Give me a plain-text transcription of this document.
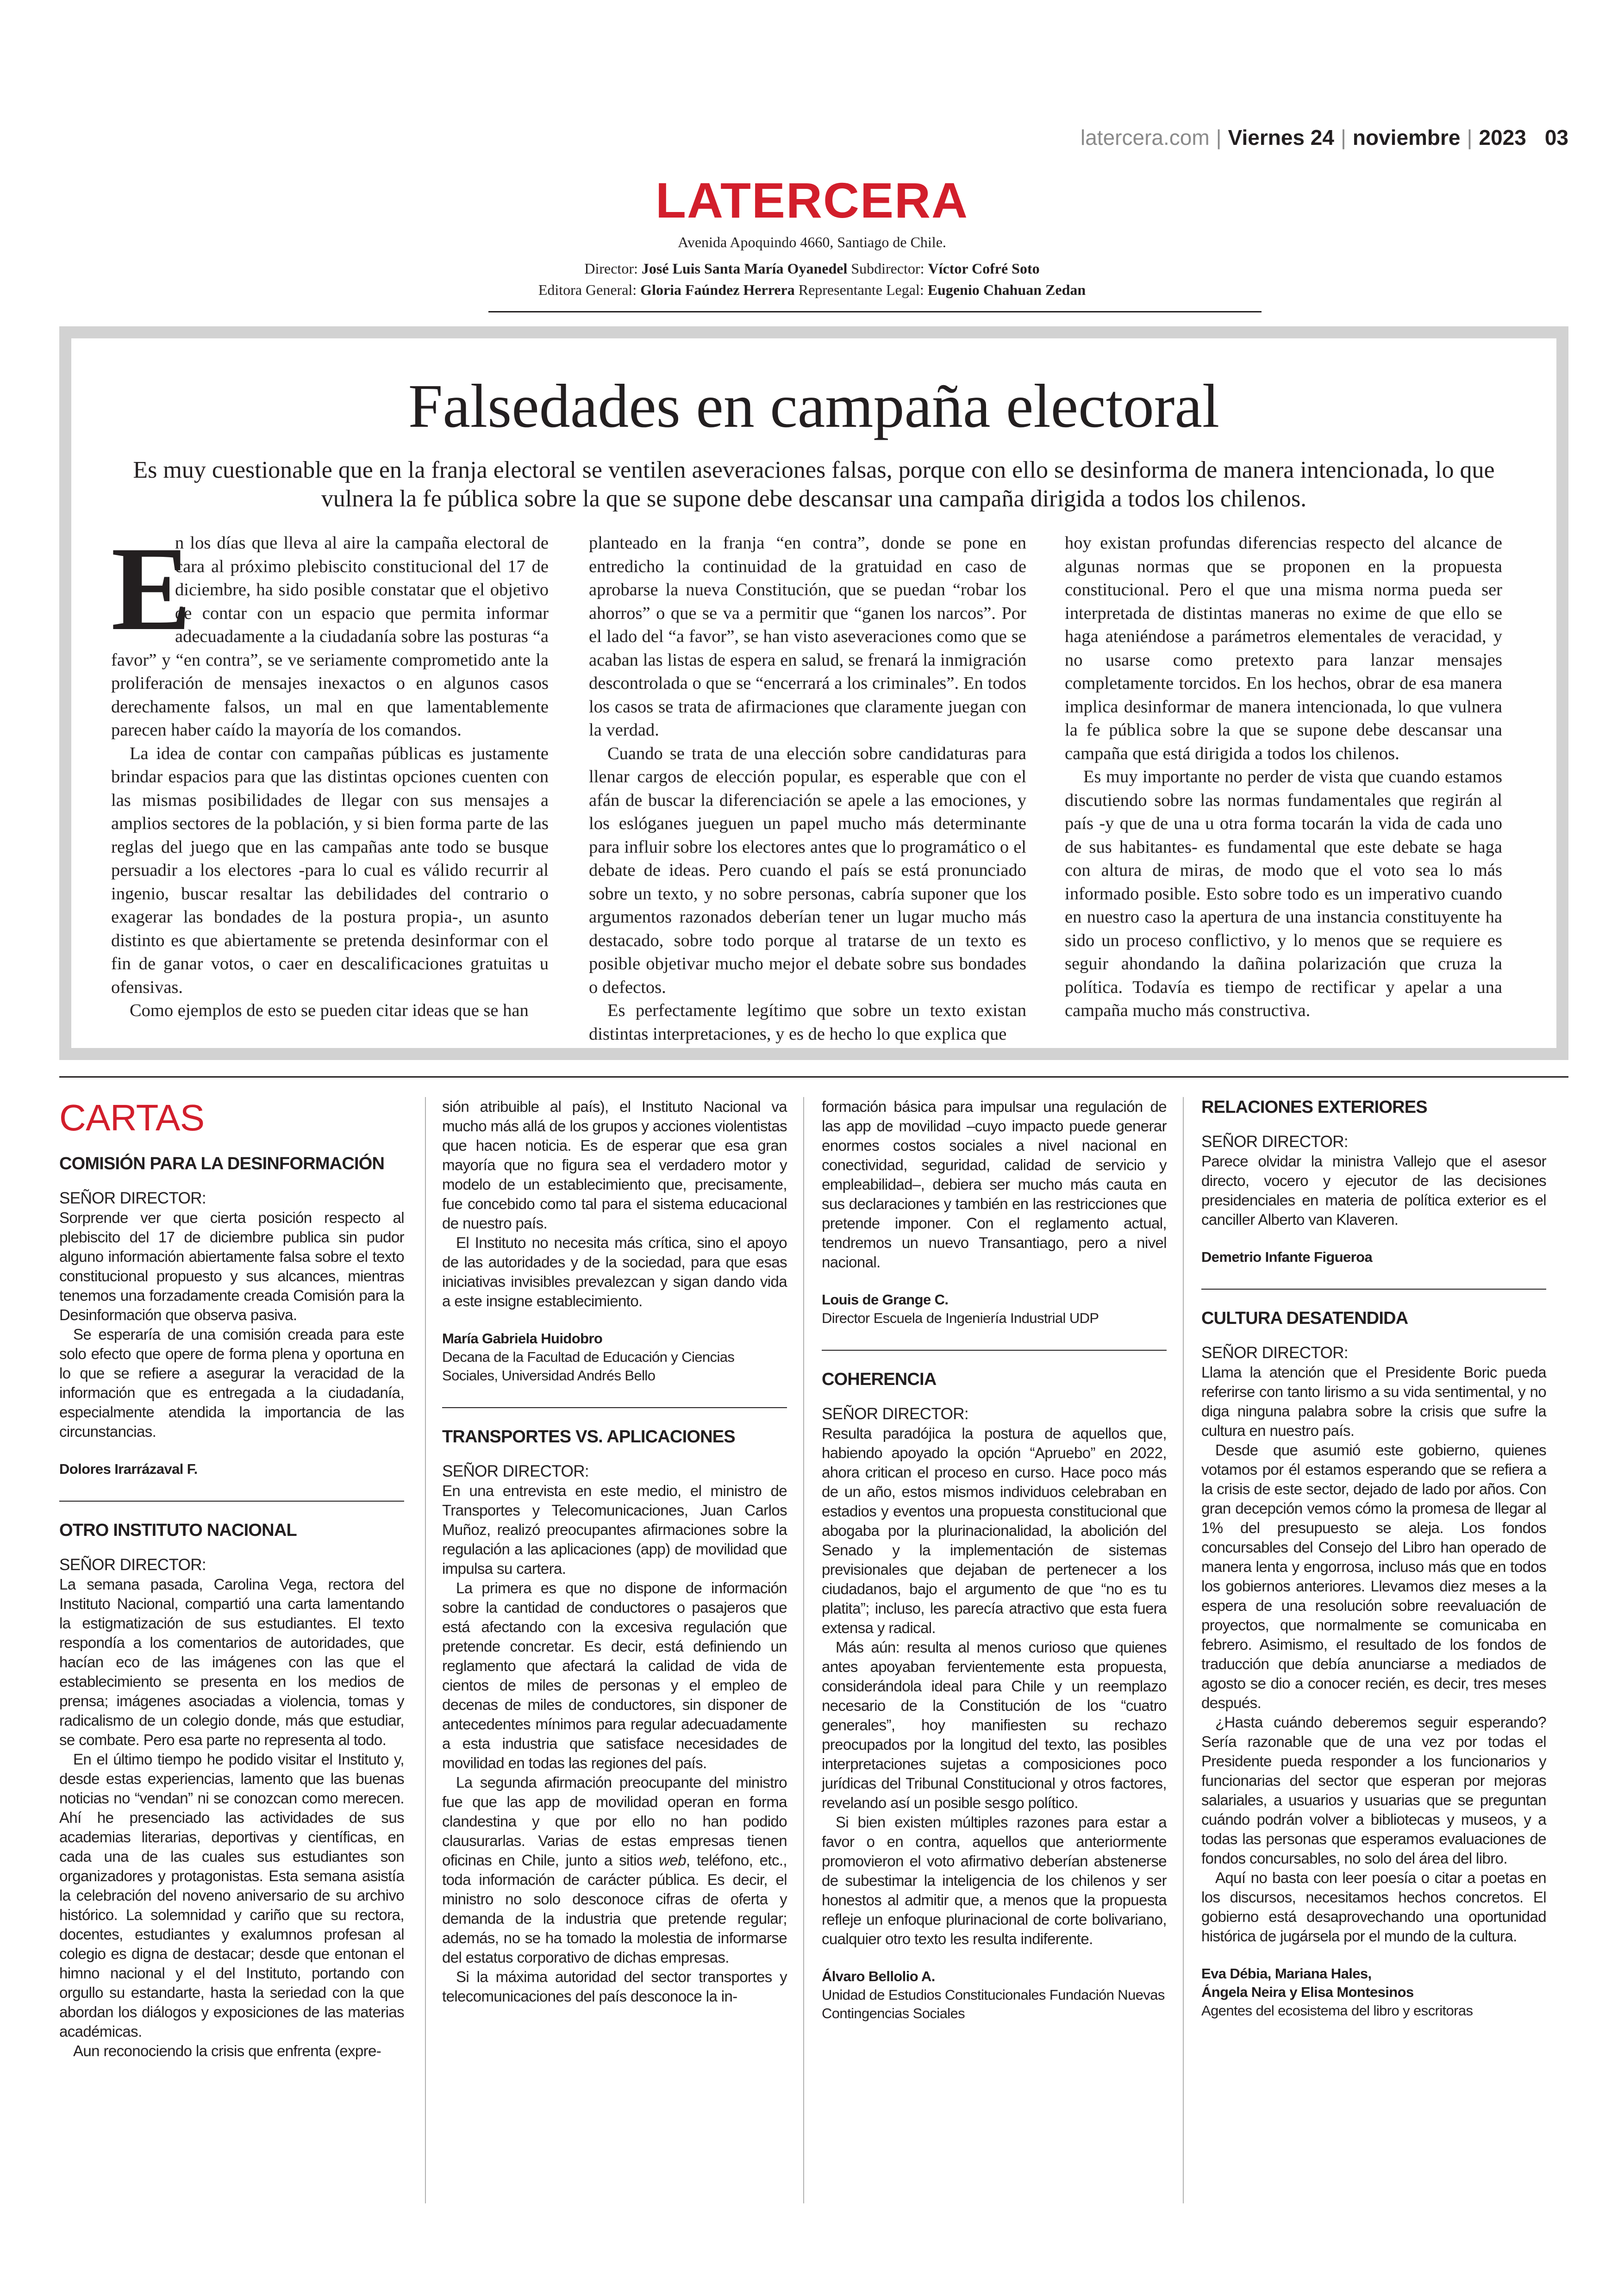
latercera.com | Viernes 24 | noviembre | 2023 03
LATERCERA
Avenida Apoquindo 4660, Santiago de Chile.
Director: José Luis Santa María Oyanedel Subdirector: Víctor Cofré Soto
Editora General: Gloria Faúndez Herrera Representante Legal: Eugenio Chahuan Zedan
Falsedades en campaña electoral
Es muy cuestionable que en la franja electoral se ventilen aseveraciones falsas, porque con ello se desinforma de manera intencionada, lo que vulnera la fe pública sobre la que se supone debe descansar una campaña dirigida a todos los chilenos.
E

n los días que lleva al aire la campaña electoral de cara al próximo plebiscito constitucional del 17 de diciembre, ha sido posible constatar que el objetivo de contar con un espacio que permita informar adecuadamente a la ciudadanía sobre las posturas “a favor” y “en contra”, se ve seriamente comprometido ante la proliferación de mensajes inexactos o en algunos casos derechamente falsos, un mal en que lamentablemente parecen haber caído la mayoría de los comandos.

La idea de contar con campañas públicas es justamente brindar espacios para que las distintas opciones cuenten con las mismas posibilidades de llegar con sus mensajes a amplios sectores de la población, y si bien forma parte de las reglas del juego que en las campañas ante todo se busque persuadir a los electores -para lo cual es válido recurrir al ingenio, buscar resaltar las debilidades del contrario o exagerar las bondades de la postura propia-, un asunto distinto es que abiertamente se pretenda desinformar con el fin de ganar votos, o caer en descalificaciones gratuitas u ofensivas.

Como ejemplos de esto se pueden citar ideas que se han

planteado en la franja “en contra”, donde se pone en entredicho la continuidad de la gratuidad en caso de aprobarse la nueva Constitución, que se puedan “robar los ahorros” o que se va a permitir que “ganen los narcos”. Por el lado del “a favor”, se han visto aseveraciones como que se acaban las listas de espera en salud, se frenará la inmigración descontrolada o que se “encerrará a los criminales”. En todos los casos se trata de afirmaciones que claramente juegan con la verdad.

Cuando se trata de una elección sobre candidaturas para llenar cargos de elección popular, es esperable que con el afán de buscar la diferenciación se apele a las emociones, y los eslóganes jueguen un papel mucho más determinante para influir sobre los electores antes que lo programático o el debate de ideas. Pero cuando el país se está pronunciado sobre un texto, y no sobre personas, cabría suponer que los argumentos razonados deberían tener un lugar mucho más destacado, sobre todo porque al tratarse de un texto es posible objetivar mucho mejor el debate sobre sus bondades o defectos.

Es perfectamente legítimo que sobre un texto existan distintas interpretaciones, y es de hecho lo que explica que

hoy existan profundas diferencias respecto del alcance de algunas normas que se proponen en la propuesta constitucional. Pero el que una misma norma pueda ser interpretada de distintas maneras no exime de que ello se haga ateniéndose a parámetros elementales de veracidad, y no usarse como pretexto para lanzar mensajes completamente torcidos. En los hechos, obrar de esa manera implica desinformar de manera intencionada, lo que vulnera la fe pública sobre la que se supone debe descansar una campaña que está dirigida a todos los chilenos.

Es muy importante no perder de vista que cuando estamos discutiendo sobre las normas fundamentales que regirán al país -y que de una u otra forma tocarán la vida de cada uno de sus habitantes- es fundamental que este debate se haga con altura de miras, de modo que el voto sea lo más informado posible. Esto sobre todo es un imperativo cuando en nuestro caso la apertura de una instancia constituyente ha sido un proceso conflictivo, y lo menos que se requiere es seguir ahondando la dañina polarización que cruza la política. Todavía es tiempo de rectificar y apelar a una campaña mucho más constructiva.

CARTAS
COMISIÓN PARA LA DESINFORMACIÓN
SEÑOR DIRECTOR:

Sorprende ver que cierta posición respecto al plebiscito del 17 de diciembre publica sin pudor alguno información abiertamente falsa sobre el texto constitucional propuesto y sus alcances, mientras tenemos una forzadamente creada Comisión para la Desinformación que observa pasiva.

Se esperaría de una comisión creada para este solo efecto que opere de forma plena y oportuna en lo que se refiere a asegurar la veracidad de la información que es entregada a la ciudadanía, especialmente atendida la importancia de las circunstancias.

Dolores Irarrázaval F.
OTRO INSTITUTO NACIONAL
SEÑOR DIRECTOR:

La semana pasada, Carolina Vega, rectora del Instituto Nacional, compartió una carta lamentando la estigmatización de sus estudiantes. El texto respondía a los comentarios de autoridades, que hacían eco de las imágenes con las que el establecimiento se presenta en los medios de prensa; imágenes asociadas a violencia, tomas y radicalismo de un colegio donde, más que estudiar, se combate. Pero esa parte no representa al todo.

En el último tiempo he podido visitar el Instituto y, desde estas experiencias, lamento que las buenas noticias no “vendan” ni se conozcan como merecen. Ahí he presenciado las actividades de sus academias literarias, deportivas y científicas, en cada una de las cuales sus estudiantes son organizadores y protagonistas. Esta semana asistía la celebración del noveno aniversario de su archivo histórico. La solemnidad y cariño que su rectora, docentes, estudiantes y exalumnos profesan al colegio es digna de destacar; desde que entonan el himno nacional y el del Instituto, portando con orgullo su estandarte, hasta la seriedad con la que abordan los diálogos y exposiciones de las materias académicas.

Aun reconociendo la crisis que enfrenta (expre-

sión atribuible al país), el Instituto Nacional va mucho más allá de los grupos y acciones violentistas que hacen noticia. Es de esperar que esa gran mayoría que no figura sea el verdadero motor y modelo de un establecimiento que, precisamente, fue concebido como tal para el sistema educacional de nuestro país.

El Instituto no necesita más crítica, sino el apoyo de las autoridades y de la sociedad, para que esas iniciativas invisibles prevalezcan y sigan dando vida a este insigne establecimiento.

María Gabriela Huidobro
Decana de la Facultad de Educación y Ciencias Sociales, Universidad Andrés Bello
TRANSPORTES VS. APLICACIONES
SEÑOR DIRECTOR:

En una entrevista en este medio, el ministro de Transportes y Telecomunicaciones, Juan Carlos Muñoz, realizó preocupantes afirmaciones sobre la regulación a las aplicaciones (app) de movilidad que impulsa su cartera.

La primera es que no dispone de información sobre la cantidad de conductores o pasajeros que está afectando con la excesiva regulación que pretende concretar. Es decir, está definiendo un reglamento que afectará la calidad de vida de cientos de miles de personas y el empleo de decenas de miles de conductores, sin disponer de antecedentes mínimos para regular adecuadamente a esta industria que satisface necesidades de movilidad en todas las regiones del país.

La segunda afirmación preocupante del ministro fue que las app de movilidad operan en forma clandestina y que por ello no han podido clausurarlas. Varias de estas empresas tienen oficinas en Chile, junto a sitios web, teléfono, etc., toda información de carácter pública. Es decir, el ministro no solo desconoce cifras de oferta y demanda de la industria que pretende regular; además, no se ha tomado la molestia de informarse del estatus corporativo de dichas empresas.

Si la máxima autoridad del sector transportes y telecomunicaciones del país desconoce la in-

formación básica para impulsar una regulación de las app de movilidad –cuyo impacto puede generar enormes costos sociales a nivel nacional en conectividad, seguridad, calidad de servicio y empleabilidad–, debiera ser mucho más cauta en sus declaraciones y también en las restricciones que pretende imponer. Con el reglamento actual, tendremos un nuevo Transantiago, pero a nivel nacional.

Louis de Grange C.
Director Escuela de Ingeniería Industrial UDP
COHERENCIA
SEÑOR DIRECTOR:

Resulta paradójica la postura de aquellos que, habiendo apoyado la opción “Apruebo” en 2022, ahora critican el proceso en curso. Hace poco más de un año, estos mismos individuos celebraban en estadios y eventos una propuesta constitucional que abogaba por la plurinacionalidad, la abolición del Senado y la implementación de sistemas previsionales que dejaban de pertenecer a los ciudadanos, bajo el argumento de que “no es tu platita”; incluso, les parecía atractivo que esta fuera extensa y radical.

Más aún: resulta al menos curioso que quienes antes apoyaban fervientemente esta propuesta, considerándola ideal para Chile y un reemplazo necesario de la Constitución de los “cuatro generales”, hoy manifiesten su rechazo preocupados por la longitud del texto, las posibles interpretaciones sujetas a composiciones poco jurídicas del Tribunal Constitucional y otros factores, revelando así un posible sesgo político.

Si bien existen múltiples razones para estar a favor o en contra, aquellos que anteriormente promovieron el voto afirmativo deberían abstenerse de subestimar la inteligencia de los chilenos y ser honestos al admitir que, a menos que la propuesta refleje un enfoque plurinacional de corte bolivariano, cualquier otro texto les resulta indiferente.

Álvaro Bellolio A.
Unidad de Estudios Constitucionales Fundación Nuevas Contingencias Sociales
RELACIONES EXTERIORES
SEÑOR DIRECTOR:

Parece olvidar la ministra Vallejo que el asesor directo, vocero y ejecutor de las decisiones presidenciales en materia de política exterior es el canciller Alberto van Klaveren.

Demetrio Infante Figueroa
CULTURA DESATENDIDA
SEÑOR DIRECTOR:

Llama la atención que el Presidente Boric pueda referirse con tanto lirismo a su vida sentimental, y no diga ninguna palabra sobre la crisis que sufre la cultura en nuestro país.

Desde que asumió este gobierno, quienes votamos por él estamos esperando que se refiera a la crisis de este sector, dejado de lado por años. Con gran decepción vemos cómo la promesa de llegar al 1% del presupuesto se aleja. Los fondos concursables del Consejo del Libro han operado de manera lenta y engorrosa, incluso más que en todos los gobiernos anteriores. Llevamos diez meses a la espera de una resolución sobre reevaluación de proyectos, que normalmente se comunicaba en febrero. Asimismo, el resultado de los fondos de traducción que debía anunciarse a mediados de agosto se dio a conocer recién, es decir, tres meses después.

¿Hasta cuándo deberemos seguir esperando? Sería razonable que de una vez por todas el Presidente pueda responder a los funcionarios y funcionarias del sector que esperan por mejoras salariales, a usuarios y usuarias que se preguntan cuándo podrán volver a bibliotecas y museos, y a todas las personas que esperamos evaluaciones de fondos concursables, no solo del área del libro.

Aquí no basta con leer poesía o citar a poetas en los discursos, necesitamos hechos concretos. El gobierno está desaprovechando una oportunidad histórica de jugársela por el mundo de la cultura.

Eva Débia, Mariana Hales,
Ángela Neira y Elisa Montesinos
Agentes del ecosistema del libro y escritoras
